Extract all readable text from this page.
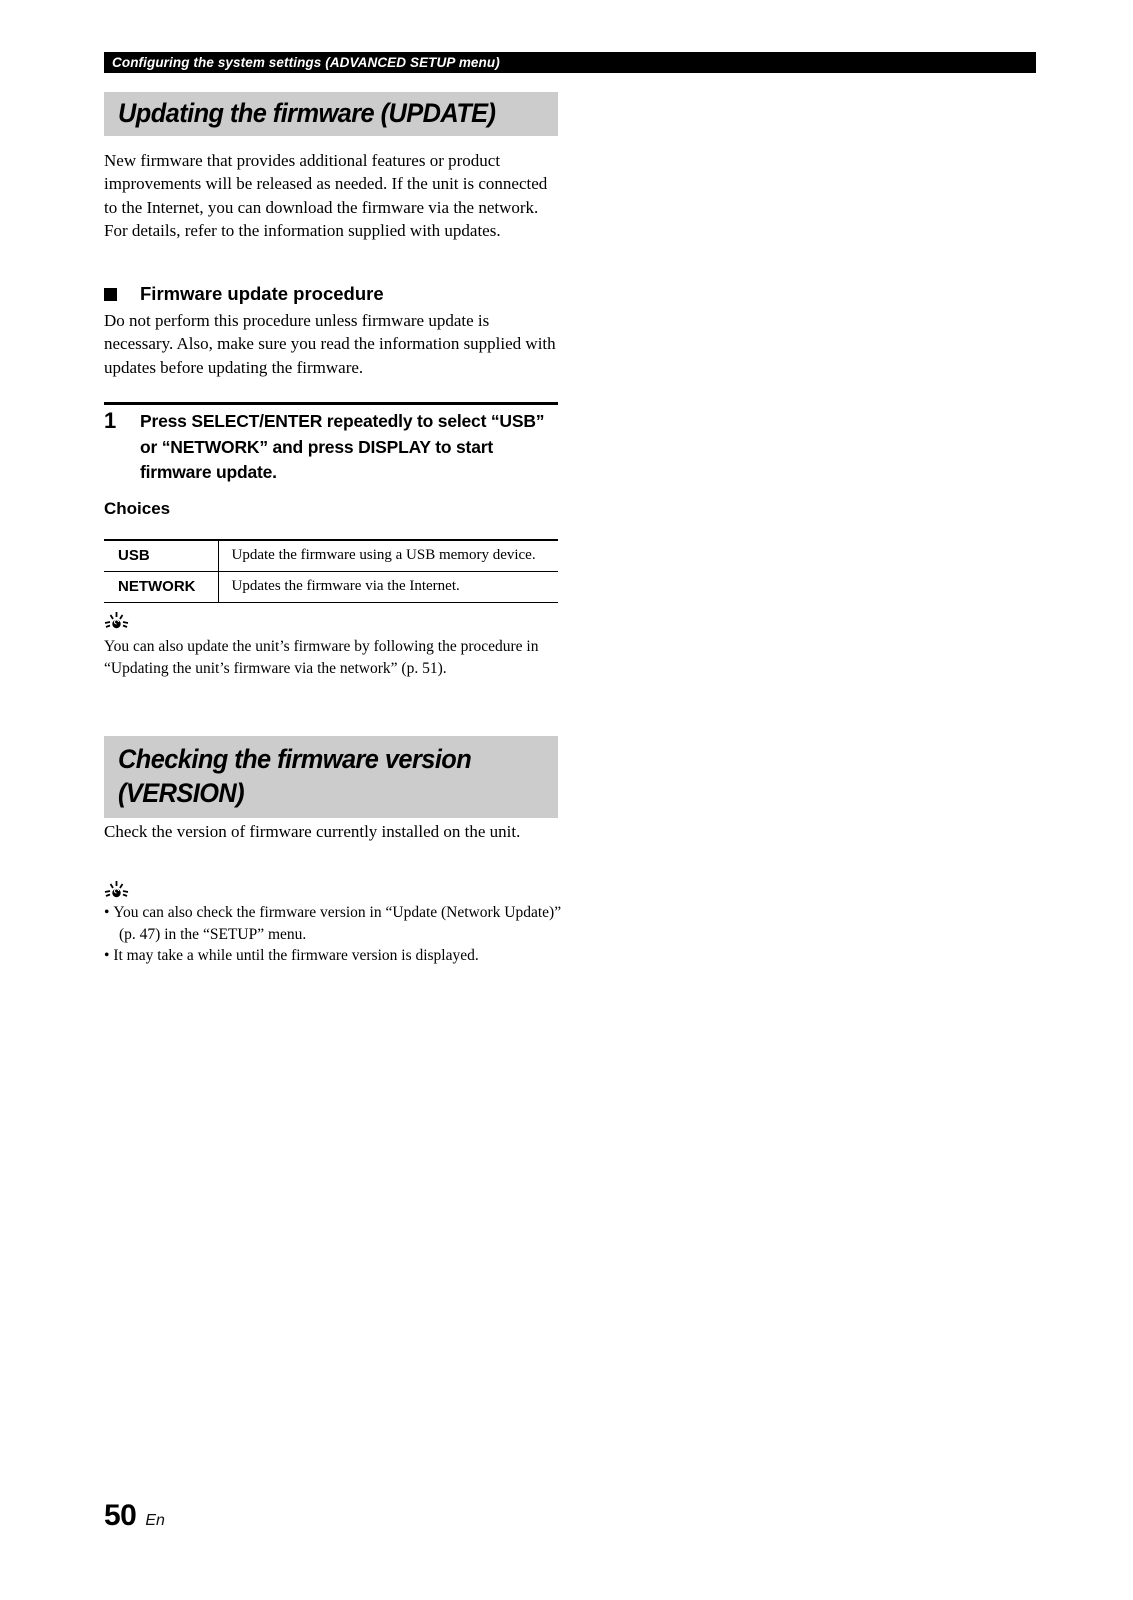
Configuring the system settings (ADVANCED SETUP menu)
Updating the firmware (UPDATE)
New firmware that provides additional features or product improvements will be released as needed. If the unit is connected to the Internet, you can download the firmware via the network. For details, refer to the information supplied with updates.
Firmware update procedure
Do not perform this procedure unless firmware update is necessary. Also, make sure you read the information supplied with updates before updating the firmware.
1	Press SELECT/ENTER repeatedly to select “USB” or “NETWORK” and press DISPLAY to start firmware update.
Choices
USB	Update the firmware using a USB memory device.
NETWORK	Updates the firmware via the Internet.
You can also update the unit’s firmware by following the procedure in “Updating the unit’s firmware via the network” (p. 51).
Checking the firmware version (VERSION)
Check the version of firmware currently installed on the unit.
• You can also check the firmware version in “Update (Network Update)” (p. 47) in the “SETUP” menu.
• It may take a while until the firmware version is displayed.
50 En
